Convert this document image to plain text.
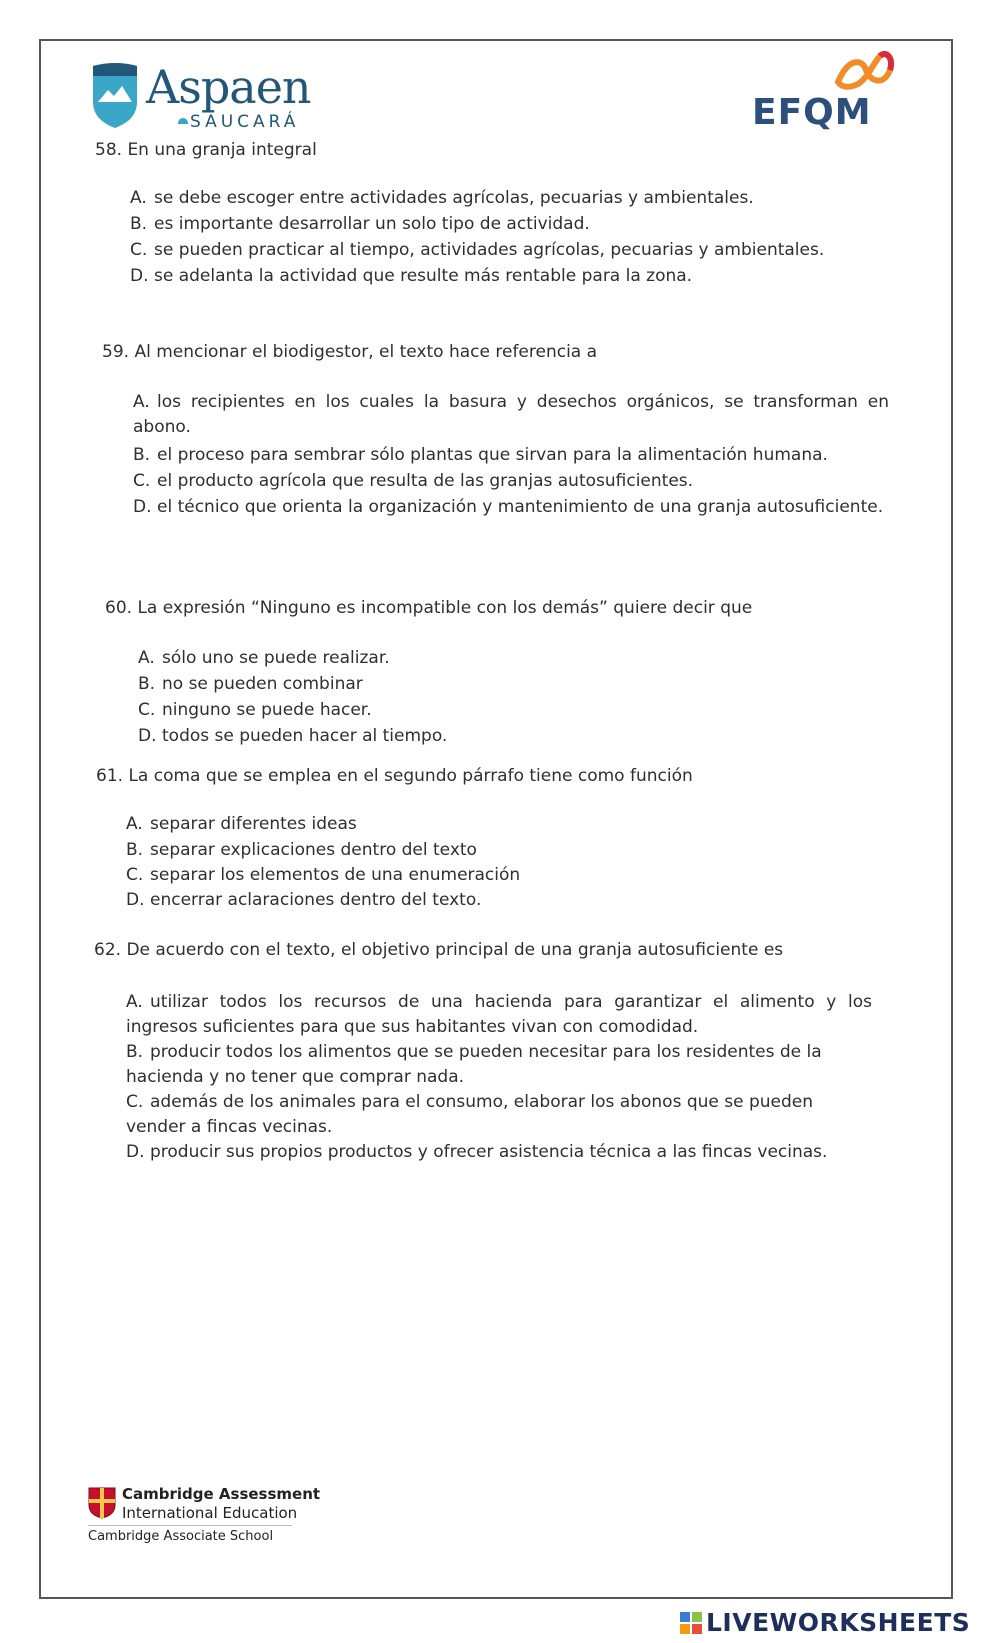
Aspaen
SAUCARÁ	EFQM
58. En una granja integral
A. se debe escoger entre actividades agrícolas, pecuarias y ambientales.
B. es importante desarrollar un solo tipo de actividad.
C. se pueden practicar al tiempo, actividades agrícolas, pecuarias y ambientales.
D. se adelanta la actividad que resulte más rentable para la zona.
59. Al mencionar el biodigestor, el texto hace referencia a
A. los recipientes en los cuales la basura y desechos orgánicos, se transforman en abono.
B. el proceso para sembrar sólo plantas que sirvan para la alimentación humana.
C. el producto agrícola que resulta de las granjas autosuficientes.
D. el técnico que orienta la organización y mantenimiento de una granja autosuficiente.
60. La expresión “Ninguno es incompatible con los demás” quiere decir que
A. sólo uno se puede realizar.
B. no se pueden combinar
C. ninguno se puede hacer.
D. todos se pueden hacer al tiempo.
61. La coma que se emplea en el segundo párrafo tiene como función
A. separar diferentes ideas
B. separar explicaciones dentro del texto
C. separar los elementos de una enumeración
D. encerrar aclaraciones dentro del texto.
62. De acuerdo con el texto, el objetivo principal de una granja autosuficiente es
A. utilizar todos los recursos de una hacienda para garantizar el alimento y los ingresos suficientes para que sus habitantes vivan con comodidad.
B. producir todos los alimentos que se pueden necesitar para los residentes de la hacienda y no tener que comprar nada.
C. además de los animales para el consumo, elaborar los abonos que se pueden vender a fincas vecinas.
D. producir sus propios productos y ofrecer asistencia técnica a las fincas vecinas.
Cambridge Assessment
International Education
Cambridge Associate School
LIVEWORKSHEETS
